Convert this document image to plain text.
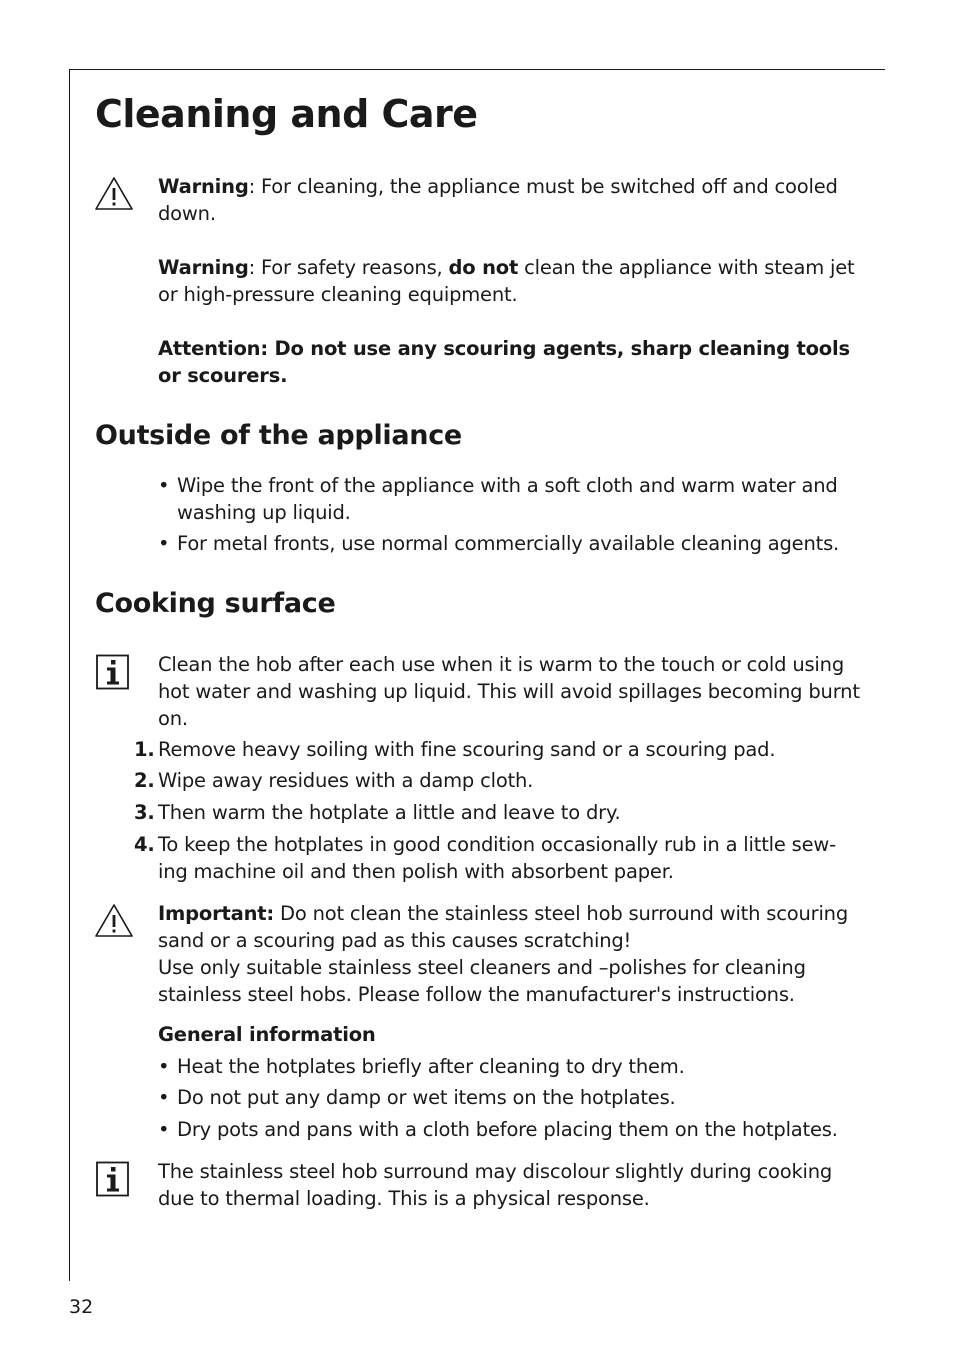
Cleaning and Care

Warning: For cleaning, the appliance must be switched off and cooled down.

Warning: For safety reasons, do not clean the appliance with steam jet or high-pressure cleaning equipment.

Attention: Do not use any scouring agents, sharp cleaning tools or scourers.

Outside of the appliance
• Wipe the front of the appliance with a soft cloth and warm water and washing up liquid.
• For metal fronts, use normal commercially available cleaning agents.
Cooking surface

Clean the hob after each use when it is warm to the touch or cold using hot water and washing up liquid. This will avoid spillages becoming burnt on.

1. Remove heavy soiling with fine scouring sand or a scouring pad.
2. Wipe away residues with a damp cloth.
3. Then warm the hotplate a little and leave to dry.
4. To keep the hotplates in good condition occasionally rub in a little sew-ing machine oil and then polish with absorbent paper.

Important: Do not clean the stainless steel hob surround with scouring sand or a scouring pad as this causes scratching!
Use only suitable stainless steel cleaners and –polishes for cleaning stainless steel hobs. Please follow the manufacturer's instructions.

General information

• Heat the hotplates briefly after cleaning to dry them.
• Do not put any damp or wet items on the hotplates.
• Dry pots and pans with a cloth before placing them on the hotplates.

The stainless steel hob surround may discolour slightly during cooking due to thermal loading. This is a physical response.

32
